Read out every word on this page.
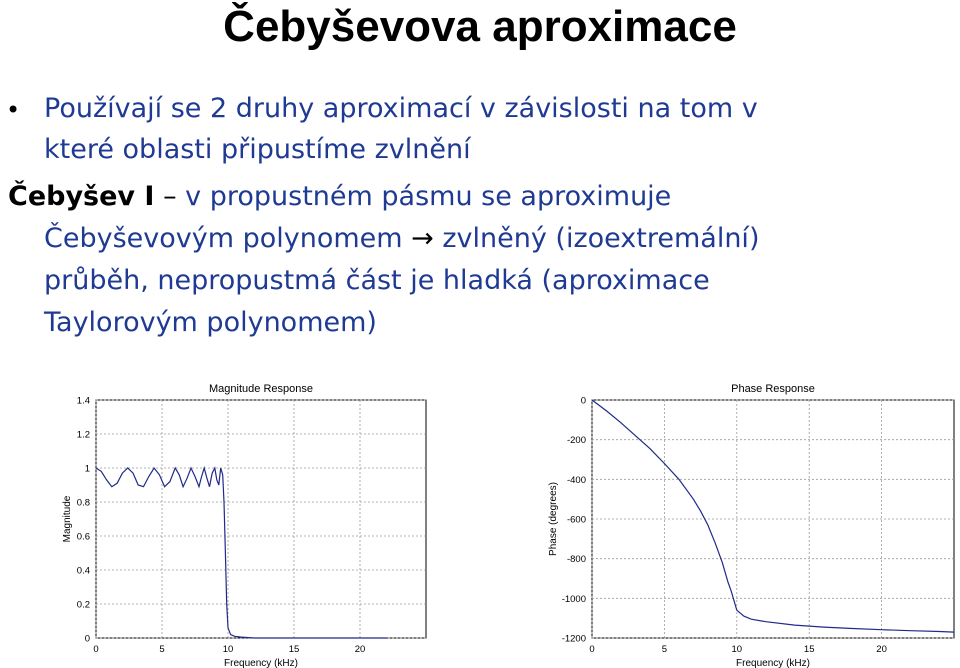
Čebyševova aproximace
• Používají se 2 druhy aproximací v závislosti na tom v
které oblasti připustíme zvlnění
Čebyšev I – v propustném pásmu se aproximuje
Čebyševovým polynomem → zvlněný (izoextremální)
průběh, nepropustmá část je hladká (aproximace
Taylorovým polynomem)
Magnitude Response
0	5	10	15	20
0
0.2
0.4
0.6
0.8
1
1.2
1.4
Frequency (kHz)
Magnitude
Phase Response
0	5	10	15	20
0
-200
-400
-600
-800
-1000
-1200
Frequency (kHz)
Phase (degrees)
